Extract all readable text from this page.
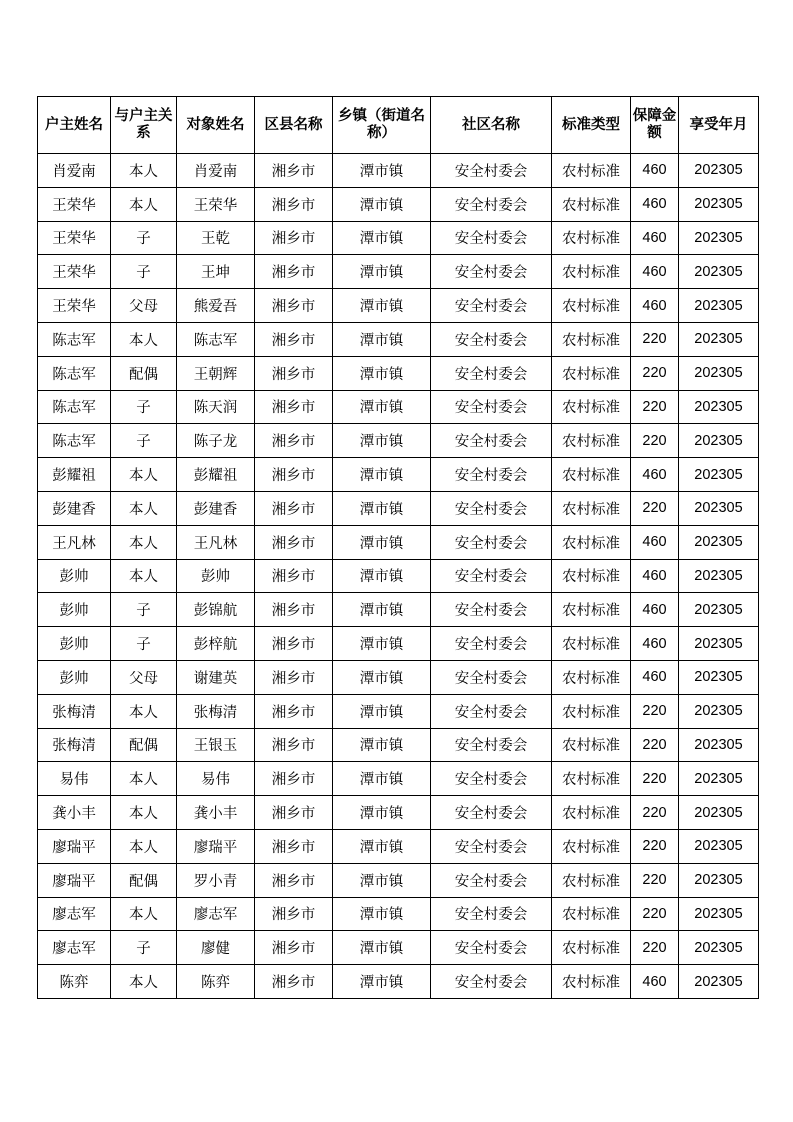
户主姓名	与户主关系	对象姓名	区县名称	乡镇（街道名称）	社区名称	标准类型	保障金额	享受年月
肖爱南	本人	肖爱南	湘乡市	潭市镇	安全村委会	农村标准	460	202305
王荣华	本人	王荣华	湘乡市	潭市镇	安全村委会	农村标准	460	202305
王荣华	子	王乾	湘乡市	潭市镇	安全村委会	农村标准	460	202305
王荣华	子	王坤	湘乡市	潭市镇	安全村委会	农村标准	460	202305
王荣华	父母	熊爱吾	湘乡市	潭市镇	安全村委会	农村标准	460	202305
陈志军	本人	陈志军	湘乡市	潭市镇	安全村委会	农村标准	220	202305
陈志军	配偶	王朝辉	湘乡市	潭市镇	安全村委会	农村标准	220	202305
陈志军	子	陈天润	湘乡市	潭市镇	安全村委会	农村标准	220	202305
陈志军	子	陈子龙	湘乡市	潭市镇	安全村委会	农村标准	220	202305
彭耀祖	本人	彭耀祖	湘乡市	潭市镇	安全村委会	农村标准	460	202305
彭建香	本人	彭建香	湘乡市	潭市镇	安全村委会	农村标准	220	202305
王凡林	本人	王凡林	湘乡市	潭市镇	安全村委会	农村标准	460	202305
彭帅	本人	彭帅	湘乡市	潭市镇	安全村委会	农村标准	460	202305
彭帅	子	彭锦航	湘乡市	潭市镇	安全村委会	农村标准	460	202305
彭帅	子	彭梓航	湘乡市	潭市镇	安全村委会	农村标准	460	202305
彭帅	父母	谢建英	湘乡市	潭市镇	安全村委会	农村标准	460	202305
张梅清	本人	张梅清	湘乡市	潭市镇	安全村委会	农村标准	220	202305
张梅清	配偶	王银玉	湘乡市	潭市镇	安全村委会	农村标准	220	202305
易伟	本人	易伟	湘乡市	潭市镇	安全村委会	农村标准	220	202305
龚小丰	本人	龚小丰	湘乡市	潭市镇	安全村委会	农村标准	220	202305
廖瑞平	本人	廖瑞平	湘乡市	潭市镇	安全村委会	农村标准	220	202305
廖瑞平	配偶	罗小青	湘乡市	潭市镇	安全村委会	农村标准	220	202305
廖志军	本人	廖志军	湘乡市	潭市镇	安全村委会	农村标准	220	202305
廖志军	子	廖健	湘乡市	潭市镇	安全村委会	农村标准	220	202305
陈弈	本人	陈弈	湘乡市	潭市镇	安全村委会	农村标准	460	202305
